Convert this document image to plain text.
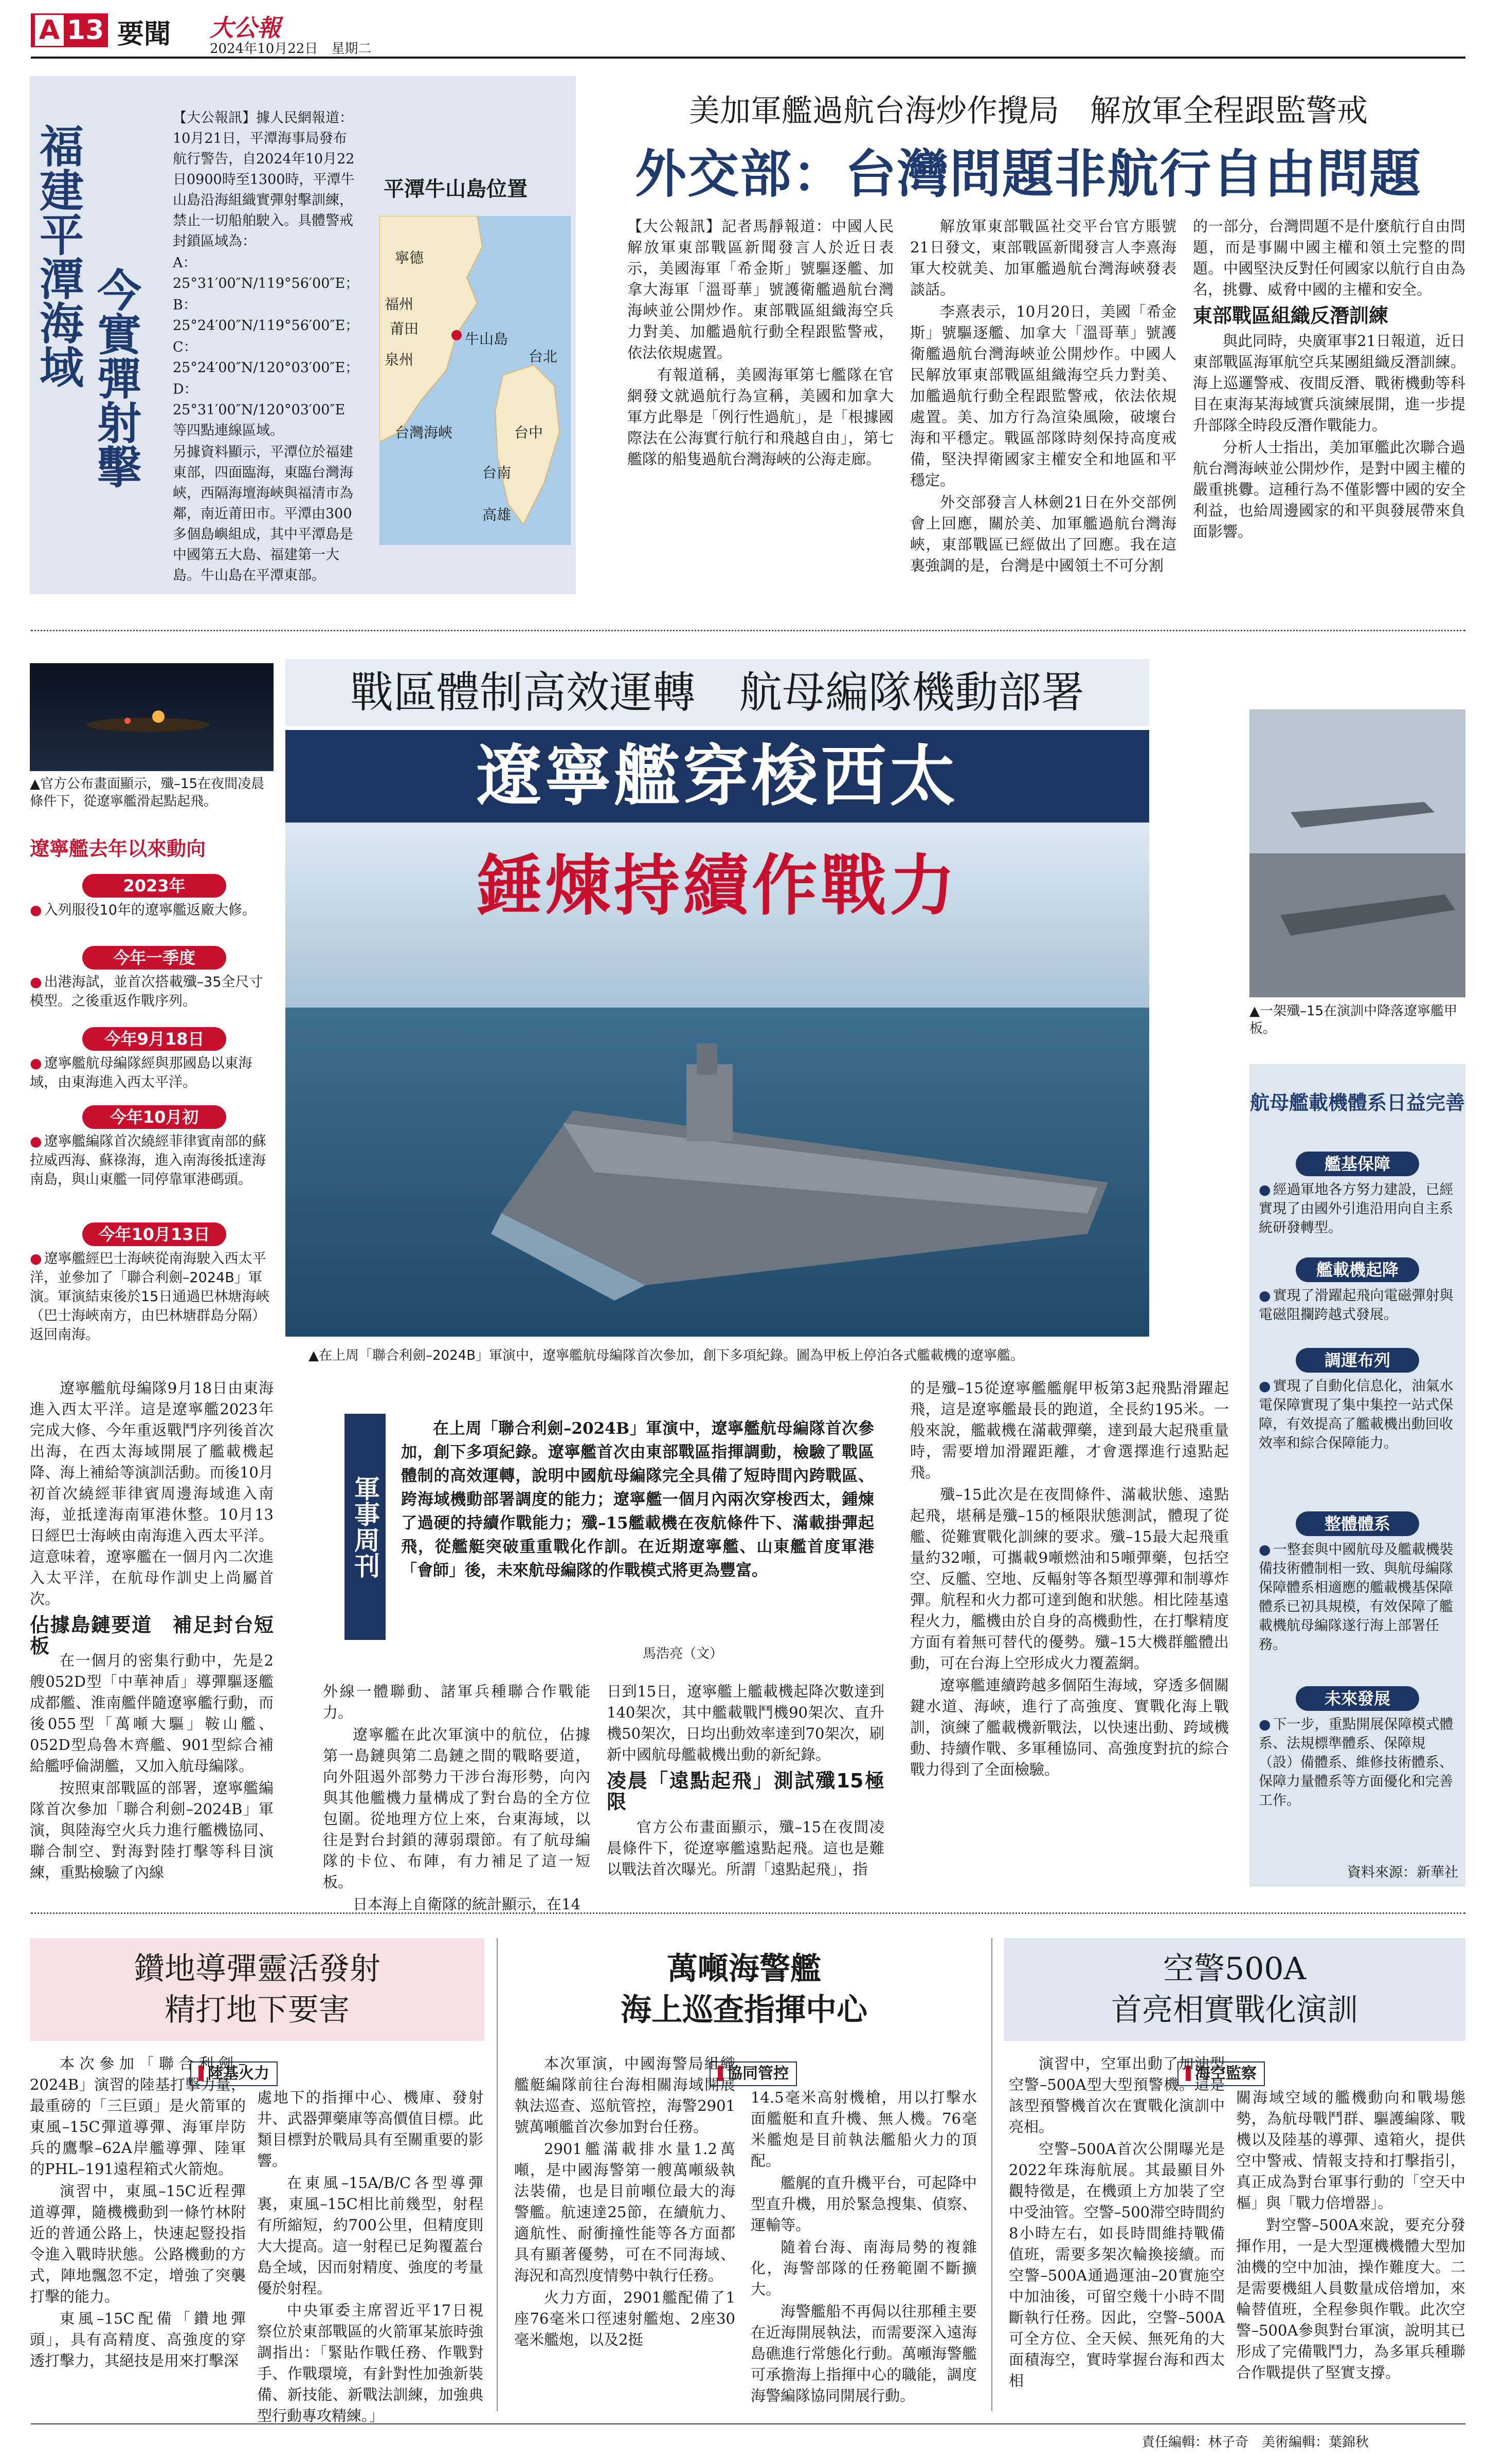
A 13 要聞 大公報
2024年10月22日　星期二
福建平潭海域 今實彈射擊

【大公報訊】據人民網報道：10月21日，平潭海事局發布航行警告，自2024年10月22日0900時至1300時，平潭牛山島沿海組織實彈射擊訓練，禁止一切船舶駛入。具體警戒封鎖區域為：

A：25°31′00″N/119°56′00″E；

B：25°24′00″N/119°56′00″E；

C：25°24′00″N/120°03′00″E；

D：25°31′00″N/120°03′00″E 等四點連線區域。

另據資料顯示，平潭位於福建東部，四面臨海，東臨台灣海峽，西隔海壇海峽與福清市為鄰，南近莆田市。平潭由300多個島嶼組成，其中平潭島是中國第五大島、福建第一大島。牛山島在平潭東部。

平潭牛山島位置
寧德
福州
莆田
泉州
牛山島
台北
台灣海峽	台中
台南
高雄
美加軍艦過航台海炒作攪局　解放軍全程跟監警戒
外交部：台灣問題非航行自由問題

【大公報訊】記者馬靜報道：中國人民解放軍東部戰區新聞發言人於近日表示，美國海軍「希金斯」號驅逐艦、加拿大海軍「溫哥華」號護衛艦過航台灣海峽並公開炒作。東部戰區組織海空兵力對美、加艦過航行動全程跟監警戒，依法依規處置。

有報道稱，美國海軍第七艦隊在官網發文就過航行為宣稱，美國和加拿大軍方此舉是「例行性過航」，是「根據國際法在公海實行航行和飛越自由」，第七艦隊的船隻過航台灣海峽的公海走廊。

解放軍東部戰區社交平台官方賬號21日發文，東部戰區新聞發言人李熹海軍大校就美、加軍艦過航台灣海峽發表談話。

李熹表示，10月20日，美國「希金斯」號驅逐艦、加拿大「溫哥華」號護衛艦過航台灣海峽並公開炒作。中國人民解放軍東部戰區組織海空兵力對美、加艦過航行動全程跟監警戒，依法依規處置。美、加方行為渲染風險，破壞台海和平穩定。戰區部隊時刻保持高度戒備，堅決捍衛國家主權安全和地區和平穩定。

外交部發言人林劍21日在外交部例會上回應，關於美、加軍艦過航台灣海峽，東部戰區已經做出了回應。我在這裏強調的是，台灣是中國領土不可分割

的一部分，台灣問題不是什麼航行自由問題，而是事關中國主權和領土完整的問題。中國堅決反對任何國家以航行自由為名，挑釁、威脅中國的主權和安全。

東部戰區組織反潛訓練

與此同時，央廣軍事21日報道，近日東部戰區海軍航空兵某團組織反潛訓練。海上巡邏警戒、夜間反潛、戰術機動等科目在東海某海域實兵演練展開，進一步提升部隊全時段反潛作戰能力。

分析人士指出，美加軍艦此次聯合過航台灣海峽並公開炒作，是對中國主權的嚴重挑釁。這種行為不僅影響中國的安全利益，也給周邊國家的和平與發展帶來負面影響。

▲官方公布畫面顯示，殲–15在夜間凌晨條件下，從遼寧艦滑起點起飛。
遼寧艦去年以來動向
2023年
● 入列服役10年的遼寧艦返廠大修。
今年一季度
● 出港海試，並首次搭載殲–35全尺寸模型。之後重返作戰序列。
今年9月18日
● 遼寧艦航母編隊經與那國島以東海域，由東海進入西太平洋。
今年10月初
● 遼寧艦編隊首次繞經菲律賓南部的蘇拉威西海、蘇祿海，進入南海後抵達海南島，與山東艦一同停靠軍港碼頭。
今年10月13日
● 遼寧艦經巴士海峽從南海駛入西太平洋，並參加了「聯合利劍–2024B」軍演。軍演結束後於15日通過巴林塘海峽（巴士海峽南方，由巴林塘群島分隔）返回南海。
戰區體制高效運轉　航母編隊機動部署
遼寧艦穿梭西太
錘煉持續作戰力
▲在上周「聯合利劍–2024B」軍演中，遼寧艦航母編隊首次參加，創下多項紀錄。圖為甲板上停泊各式艦載機的遼寧艦。
▲一架殲–15在演訓中降落遼寧艦甲板。
航母艦載機體系日益完善
艦基保障
● 經過軍地各方努力建設，已經實現了由國外引進沿用向自主系統研發轉型。
艦載機起降
● 實現了滑躍起飛向電磁彈射與電磁阻攔跨越式發展。
調運布列
● 實現了自動化信息化，油氣水電保障實現了集中集控一站式保障，有效提高了艦載機出動回收效率和綜合保障能力。
整體體系
● 一整套與中國航母及艦載機裝備技術體制相一致、與航母編隊保障體系相適應的艦載機基保障體系已初具規模，有效保障了艦載機航母編隊遂行海上部署任務。
未來發展
● 下一步，重點開展保障模式體系、法規標準體系、保障規（設）備體系、維修技術體系、保障力量體系等方面優化和完善工作。
資料來源：新華社

遼寧艦航母編隊9月18日由東海進入西太平洋。這是遼寧艦2023年完成大修、今年重返戰鬥序列後首次出海，在西太海域開展了艦載機起降、海上補給等演訓活動。而後10月初首次繞經菲律賓周邊海域進入南海，並抵達海南軍港休整。10月13日經巴士海峽由南海進入西太平洋。這意味着，遼寧艦在一個月內二次進入太平洋，在航母作訓史上尚屬首次。

佔據島鏈要道　補足封台短板

在一個月的密集行動中，先是2艘052D型「中華神盾」導彈驅逐艦成都艦、淮南艦伴隨遼寧艦行動，而後055型「萬噸大驅」鞍山艦、052D型烏魯木齊艦、901型綜合補給艦呼倫湖艦，又加入航母編隊。

按照東部戰區的部署，遼寧艦編隊首次參加「聯合利劍–2024B」軍演，與陸海空火兵力進行艦機協同、聯合制空、對海對陸打擊等科目演練，重點檢驗了內線

軍事周刊

在上周「聯合利劍–2024B」軍演中，遼寧艦航母編隊首次參加，創下多項紀錄。遼寧艦首次由東部戰區指揮調動，檢驗了戰區體制的高效運轉，說明中國航母編隊完全具備了短時間內跨戰區、跨海域機動部署調度的能力；遼寧艦一個月內兩次穿梭西太，鍾煉了過硬的持續作戰能力；殲–15艦載機在夜航條件下、滿載掛彈起飛，從艦艇突破重重戰化作訓。在近期遼寧艦、山東艦首度軍港「會師」後，未來航母編隊的作戰模式將更為豐富。

馬浩亮（文）

外線一體聯動、諸軍兵種聯合作戰能力。

遼寧艦在此次軍演中的航位，佔據第一島鏈與第二島鏈之間的戰略要道，向外阻遏外部勢力干涉台海形勢，向內與其他艦機力量構成了對台島的全方位包圍。從地理方位上來，台東海域，以往是對台封鎖的薄弱環節。有了航母編隊的卡位、布陣，有力補足了這一短板。

日本海上自衛隊的統計顯示，在14

日到15日，遼寧艦上艦載機起降次數達到140架次，其中艦載戰鬥機90架次、直升機50架次，日均出動效率達到70架次，刷新中國航母艦載機出動的新紀錄。

凌晨「遠點起飛」測試殲15極限

官方公布畫面顯示，殲–15在夜間凌晨條件下，從遼寧艦遠點起飛。這也是難以戰法首次曝光。所謂「遠點起飛」，指

的是殲–15從遼寧艦艦艉甲板第3起飛點滑躍起飛，這是遼寧艦最長的跑道，全長約195米。一般來說，艦載機在滿載彈藥，達到最大起飛重量時，需要增加滑躍距離，才會選擇進行遠點起飛。

殲–15此次是在夜間條件、滿載狀態、遠點起飛，堪稱是殲–15的極限狀態測試，體現了從艦、從難實戰化訓練的要求。殲–15最大起飛重量約32噸，可攜載9噸燃油和5噸彈藥，包括空空、反艦、空地、反輻射等各類型導彈和制導炸彈。航程和火力都可達到飽和狀態。相比陸基遠程火力，艦機由於自身的高機動性，在打擊精度方面有着無可替代的優勢。殲–15大機群艦體出動，可在台海上空形成火力覆蓋網。

遼寧艦連續跨越多個陌生海域，穿透多個關鍵水道、海峽，進行了高強度、實戰化海上戰訓，演練了艦載機新戰法，以快速出動、跨域機動、持續作戰、多軍種協同、高強度對抗的綜合戰力得到了全面檢驗。

鑽地導彈靈活發射
精打地下要害
陸基火力

本次參加「聯合利劍–2024B」演習的陸基打擊力量，最重磅的「三巨頭」是火箭軍的東風–15C彈道導彈、海軍岸防兵的鷹擊–62A岸艦導彈、陸軍的PHL–191遠程箱式火箭炮。

演習中，東風–15C近程彈道導彈，隨機機動到一條竹林附近的普通公路上，快速起豎投指令進入戰時狀態。公路機動的方式，陣地飄忽不定，增強了突襲打擊的能力。

東風–15C配備「鑽地彈頭」，具有高精度、高強度的穿透打擊力，其絕技是用來打擊深

處地下的指揮中心、機庫、發射井、武器彈藥庫等高價值目標。此類目標對於戰局具有至關重要的影響。

在東風–15A/B/C各型導彈裏，東風–15C相比前幾型，射程有所縮短，約700公里，但精度則大大提高。這一射程已足夠覆蓋台島全域，因而射精度、強度的考量優於射程。

中央軍委主席習近平17日視察位於東部戰區的火箭軍某旅時強調指出：「緊貼作戰任務、作戰對手、作戰環境，有針對性加強新裝備、新技能、新戰法訓練，加強典型行動專攻精練。」

萬噸海警艦
海上巡查指揮中心
協同管控

本次軍演，中國海警局組織艦艇編隊前往台海相關海域開展執法巡查、巡航管控，海警2901號萬噸艦首次參加對台任務。

2901艦滿載排水量1.2萬噸，是中國海警第一艘萬噸級執法裝備，也是目前噸位最大的海警艦。航速達25節，在續航力、適航性、耐衝撞性能等各方面都具有顯著優勢，可在不同海域、海況和高烈度情勢中執行任務。

火力方面，2901艦配備了1座76毫米口徑速射艦炮、2座30毫米艦炮，以及2挺

14.5毫米高射機槍，用以打擊水面艦艇和直升機、無人機。76毫米艦炮是目前執法艦船火力的頂配。

艦艉的直升機平台，可起降中型直升機，用於緊急搜集、偵察、運輸等。

隨着台海、南海局勢的複雜化，海警部隊的任務範圍不斷擴大。

海警艦船不再侷以往那種主要在近海開展執法，而需要深入遠海島礁進行常態化行動。萬噸海警艦可承擔海上指揮中心的職能，調度海警編隊協同開展行動。

空警500A
首亮相實戰化演訓
海空監察

演習中，空軍出動了加油型空警–500A型大型預警機。這是該型預警機首次在實戰化演訓中亮相。

空警–500A首次公開曝光是2022年珠海航展。其最顯目外觀特徵是，在機頭上方加裝了空中受油管。空警–500滞空時間約8小時左右，如長時間維持戰備值班，需要多架次輪換接續。而空警–500A通過運油–20實施空中加油後，可留空幾十小時不間斷執行任務。因此，空警–500A可全方位、全天候、無死角的大面積海空，實時掌握台海和西太相

關海域空域的艦機動向和戰場態勢，為航母戰鬥群、驅護編隊、戰機以及陸基的導彈、遠箱火，提供空中警戒、情報支持和打擊指引，真正成為對台軍事行動的「空天中樞」與「戰力倍增器」。

對空警–500A來說，要充分發揮作用，一是大型運機機體大型加油機的空中加油，操作難度大。二是需要機組人員數量成倍增加，來輪替值班，全程參與作戰。此次空警–500A參與對台軍演，說明其已形成了完備戰鬥力，為多軍兵種聯合作戰提供了堅實支撐。

責任編輯：林子奇　美術編輯：葉錦秋
